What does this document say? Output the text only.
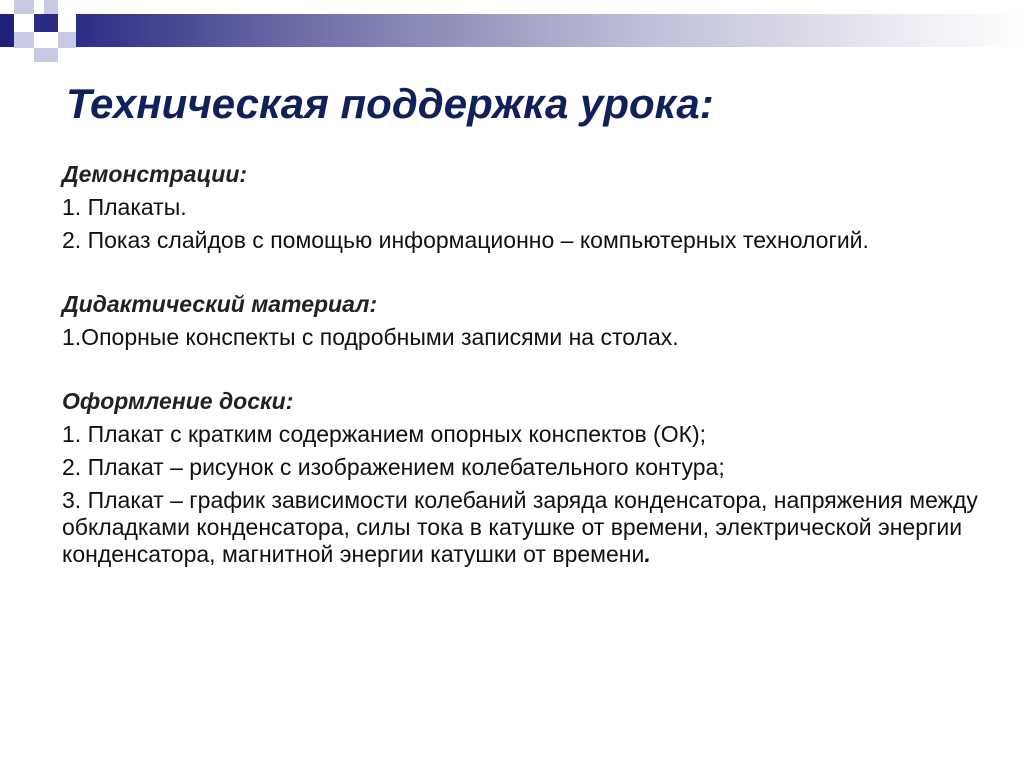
Техническая поддержка урока:

Демонстрации:

1. Плакаты.

2. Показ слайдов с помощью информационно – компьютерных технологий.

Дидактический материал:

1.Опорные конспекты с подробными записями на столах.

Оформление доски:

1. Плакат с кратким содержанием опорных конспектов (ОК);

2. Плакат – рисунок с изображением колебательного контура;

3. Плакат – график зависимости колебаний заряда конденсатора, напряжения между обкладками конденсатора, силы тока в катушке от времени, электрической энергии конденсатора, магнитной энергии катушки от времени.
